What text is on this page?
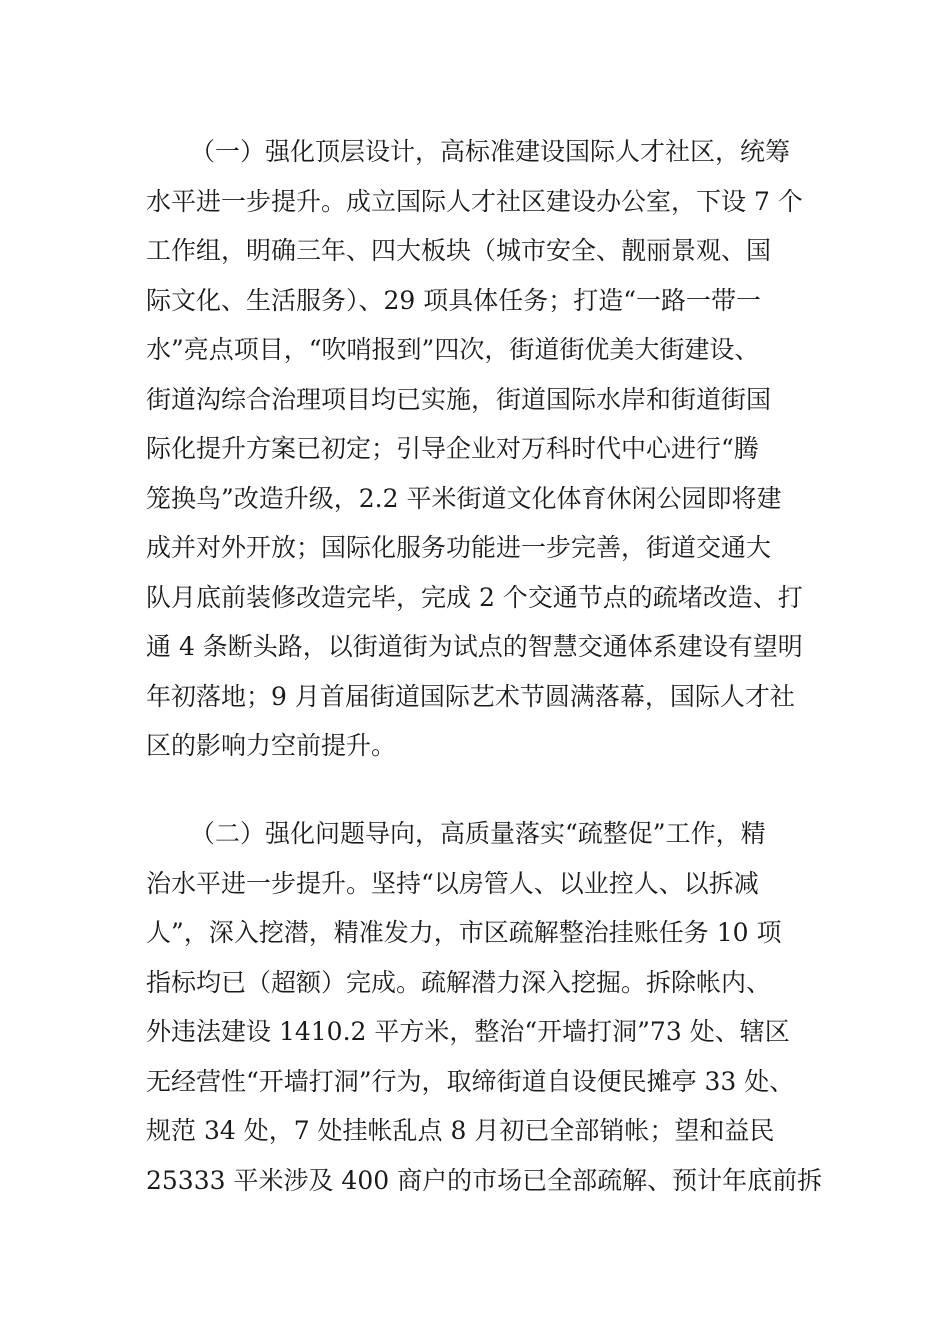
（一）强化顶层设计，高标准建设国际人才社区，统筹
水平进一步提升。成立国际人才社区建设办公室，下设 7 个
工作组，明确三年、四大板块（城市安全、靓丽景观、国
际文化、生活服务）、29 项具体任务；打造“一路一带一
水”亮点项目，“吹哨报到”四次，街道街优美大街建设、
街道沟综合治理项目均已实施，街道国际水岸和街道街国
际化提升方案已初定；引导企业对万科时代中心进行“腾
笼换鸟”改造升级，2.2 平米街道文化体育休闲公园即将建
成并对外开放；国际化服务功能进一步完善，街道交通大
队月底前装修改造完毕，完成 2 个交通节点的疏堵改造、打
通 4 条断头路，以街道街为试点的智慧交通体系建设有望明
年初落地；9 月首届街道国际艺术节圆满落幕，国际人才社
区的影响力空前提升。
（二）强化问题导向，高质量落实“疏整促”工作，精
治水平进一步提升。坚持“以房管人、以业控人、以拆减
人”，深入挖潜，精准发力，市区疏解整治挂账任务 10 项
指标均已（超额）完成。疏解潜力深入挖掘。拆除帐内、
外违法建设 1410.2 平方米，整治“开墙打洞”73 处、辖区
无经营性“开墙打洞”行为，取缔街道自设便民摊亭 33 处、
规范 34 处，7 处挂帐乱点 8 月初已全部销帐；望和益民
25333 平米涉及 400 商户的市场已全部疏解、预计年底前拆
